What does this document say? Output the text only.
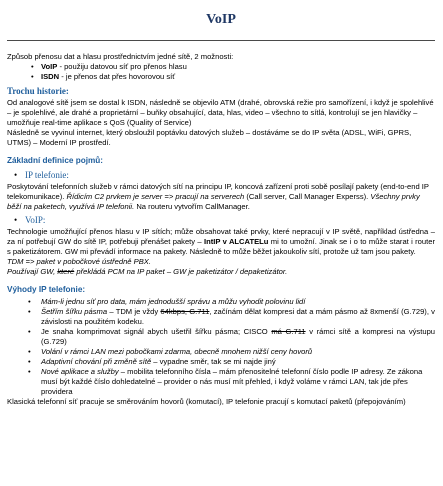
VoIP

Způsob přenosu dat a hlasu prostřednictvím jedné sítě, 2 možnosti:

• VoIP - použiju datovou síť pro přenos hlasu
• ISDN - je přenos dat přes hovorovou síť
Trochu historie:

Od analogové sítě jsem se dostal k ISDN, následně se objevilo ATM (drahé, obrovská režie pro samořízení, i když je spolehlivé – je spolehlivé, ale drahé a proprietární – buňky obsahující, data, hlas, video – všechno to sítlá, kontrolují se jen hlavičky – umožňuje real-time aplikace s QoS (Quality of Service)

Následně se vyvinul internet, který obsloužil poptávku datových služeb – dostáváme se do IP světa (ADSL, WiFi, GPRS, UTMS) – Moderní IP prostředí.

Základní definice pojmů:
• IP telefonie:

Poskytování telefonních služeb v rámci datových sítí na principu IP, koncová zařízení proti sobě posílají pakety (end-to-end IP telekomunikace). Řídicím C2 prvkem je server => pracují na serverech (Call server, Call Manager Experss). Všechny prvky běží na paketech, využívá IP telefonii. Na routeru vytvořím CallManager.

• VoIP:

Technologie umožňující přenos hlasu v IP sítích; může obsahovat také prvky, které nepracují v IP světě, například ústředna – za ní potřebují GW do sítě IP, potřebuji přenášet pakety – IntIP v ALCATELu mi to umožní. Jinak se i o to může starat i router s paketizátorem. GW mi převádí informace na pakety. Následně to může běžet jakoukoliv sítí, protože už tam jsou pakety.

TDM => paket v pobočkové ústředně PBX.

Používají GW, které překládá PCM na IP paket – GW je paketizátor / depaketizátor.

Výhody IP telefonie:
• Mám-li jednu síť pro data, mám jednodušší správu a můžu vyhodit polovinu lidí
• Šetřím šířku pásma – TDM je vždy 64kbps, G.711, začínám dělat kompresi dat a mám pásmo až 8xmenší (G.729), v závislosti na použitém kodeku.
• Je snaha komprimovat signál abych ušetřil šířku pásma; CISCO má G.711 v rámci sítě a kompresi na výstupu (G.729)
• Volání v rámci LAN mezi pobočkami zdarma, obecně mnohem nižší ceny hovorů
• Adaptivní chování při změně sítě – vypadne směr, tak se mi najde jiný
• Nové aplikace a služby – mobilita telefonního čísla – mám přenositelné telefonní číslo podle IP adresy. Ze zákona musí být každé číslo dohledatelné – provider o nás musí mít přehled, i když voláme v rámci LAN, tak jde přes providera

Klasická telefonní síť pracuje se směrováním hovorů (komutací), IP telefonie pracují s komutací paketů (přepojováním)
